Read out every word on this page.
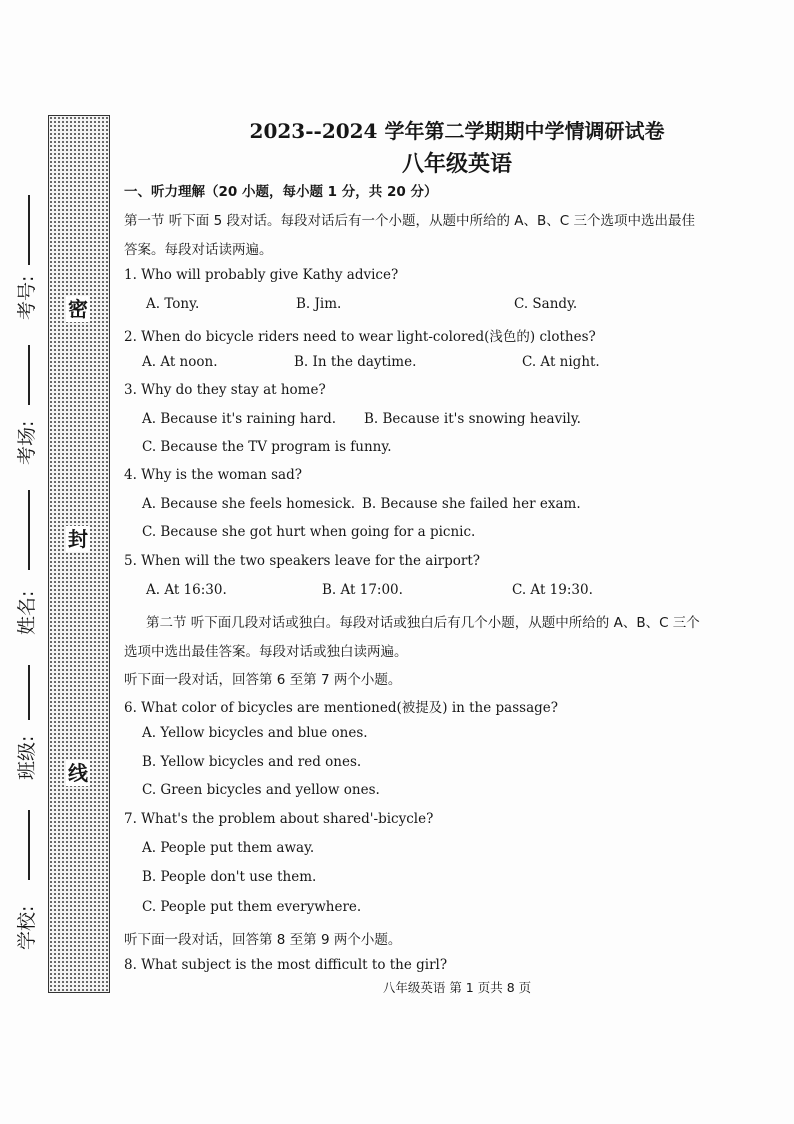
密
封
线
考号:
考场:
姓名:
班级:
学校:
2023--2024 学年第二学期期中学情调研试卷
八年级英语
一、听力理解（20 小题，每小题 1 分，共 20 分）
第一节 听下面 5 段对话。每段对话后有一个小题，从题中所给的 A、B、C 三个选项中选出最佳
答案。每段对话读两遍。
1. Who will probably give Kathy advice?
A. Tony.	B. Jim.	C. Sandy.
2. When do bicycle riders need to wear light-colored(浅色的) clothes?
A. At noon.	B. In the daytime.	C. At night.
3. Why do they stay at home?
A. Because it's raining hard. B. Because it's snowing heavily.
C. Because the TV program is funny.
4. Why is the woman sad?
A. Because she feels homesick. B. Because she failed her exam.
C. Because she got hurt when going for a picnic.
5. When will the two speakers leave for the airport?
A. At 16:30.	B. At 17:00.	C. At 19:30.
第二节 听下面几段对话或独白。每段对话或独白后有几个小题，从题中所给的 A、B、C 三个
选项中选出最佳答案。每段对话或独白读两遍。
听下面一段对话，回答第 6 至第 7 两个小题。
6. What color of bicycles are mentioned(被提及) in the passage?
A. Yellow bicycles and blue ones.
B. Yellow bicycles and red ones.
C. Green bicycles and yellow ones.
7. What's the problem about shared'-bicycle?
A. People put them away.
B. People don't use them.
C. People put them everywhere.
听下面一段对话，回答第 8 至第 9 两个小题。
8. What subject is the most difficult to the girl?
八年级英语 第 1 页共 8 页
